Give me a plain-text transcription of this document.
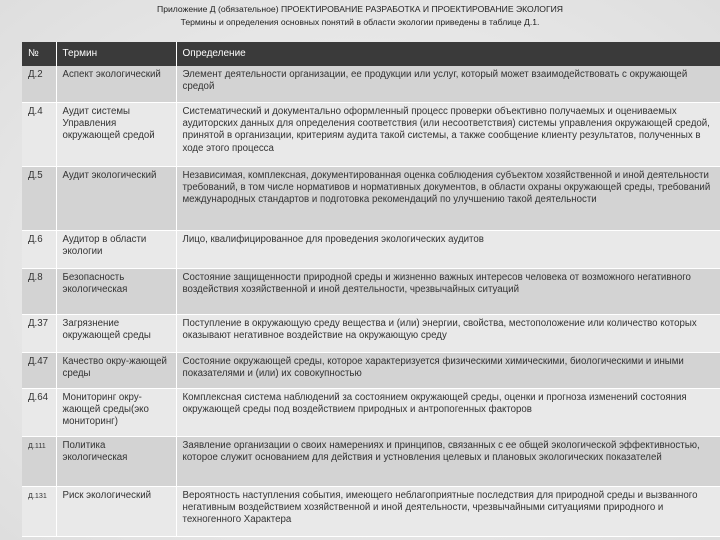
Приложение Д (обязательное) ПРОЕКТИРОВАНИЕ РАЗРАБОТКА И ПРОЕКТИРОВАНИЕ ЭКОЛОГИЯ
Термины и определения основных понятий в области экологии приведены в таблице Д.1.
№	Термин	Определение
Д.2	Аспект экологический	Элемент деятельности организации, ее продукции или услуг, который может взаимодействовать с окружающей средой
Д.4	Аудит системы Управления окружающей средой	Систематический и документально оформленный процесс проверки объективно получаемых и оцениваемых аудиторских данных для определения соответствия (или несоответствия) системы управления окружающей средой, принятой в организации, критериям аудита такой системы, а также сообщение клиенту результатов, полученных в ходе этого процесса
Д.5	Аудит экологический	Независимая, комплексная, документированная оценка соблюдения субъектом хозяйственной и иной деятельности требований, в том числе нормативов и нормативных документов, в области охраны окружающей среды, требований международных стандартов и подготовка рекомендаций по улучшению такой деятельности
Д.6	Аудитор в области экологии	Лицо, квалифицированное для проведения экологических аудитов
Д.8	Безопасность экологическая	Состояние защищенности природной среды и жизненно важных интересов человека от возможного негативного воздействия хозяйственной и иной деятельности, чрезвычайных ситуаций
Д.37	Загрязнение окружающей среды	Поступление в окружающую среду вещества и (или) энергии, свойства, местоположение или количество которых оказывают негативное воздействие на окружающую среду
Д.47	Качество окру-жающей среды	Состояние окружающей среды, которое характеризуется физическими химическими, биологическими и иными показателями и (или) их совокупностью
Д.64	Мониторинг окру-жающей среды(эко мониторинг)	Комплексная система наблюдений за состоянием окружающей среды, оценки и прогноза изменений состояния окружающей среды под воздействием природных и антропогенных факторов
Д.111	Политика экологическая	Заявление организации о своих намерениях и принципов, связанных с ее общей экологической эффективностью, которое служит основанием для действия и устновления целевых и плановых экологических показателей
Д.131	Риск экологический	Вероятность наступления события, имеющего неблагоприятные последствия для природной среды и вызванного негативным воздействием хозяйственной и иной деятельности, чрезвычайными ситуациями природного и техногенного Характера
